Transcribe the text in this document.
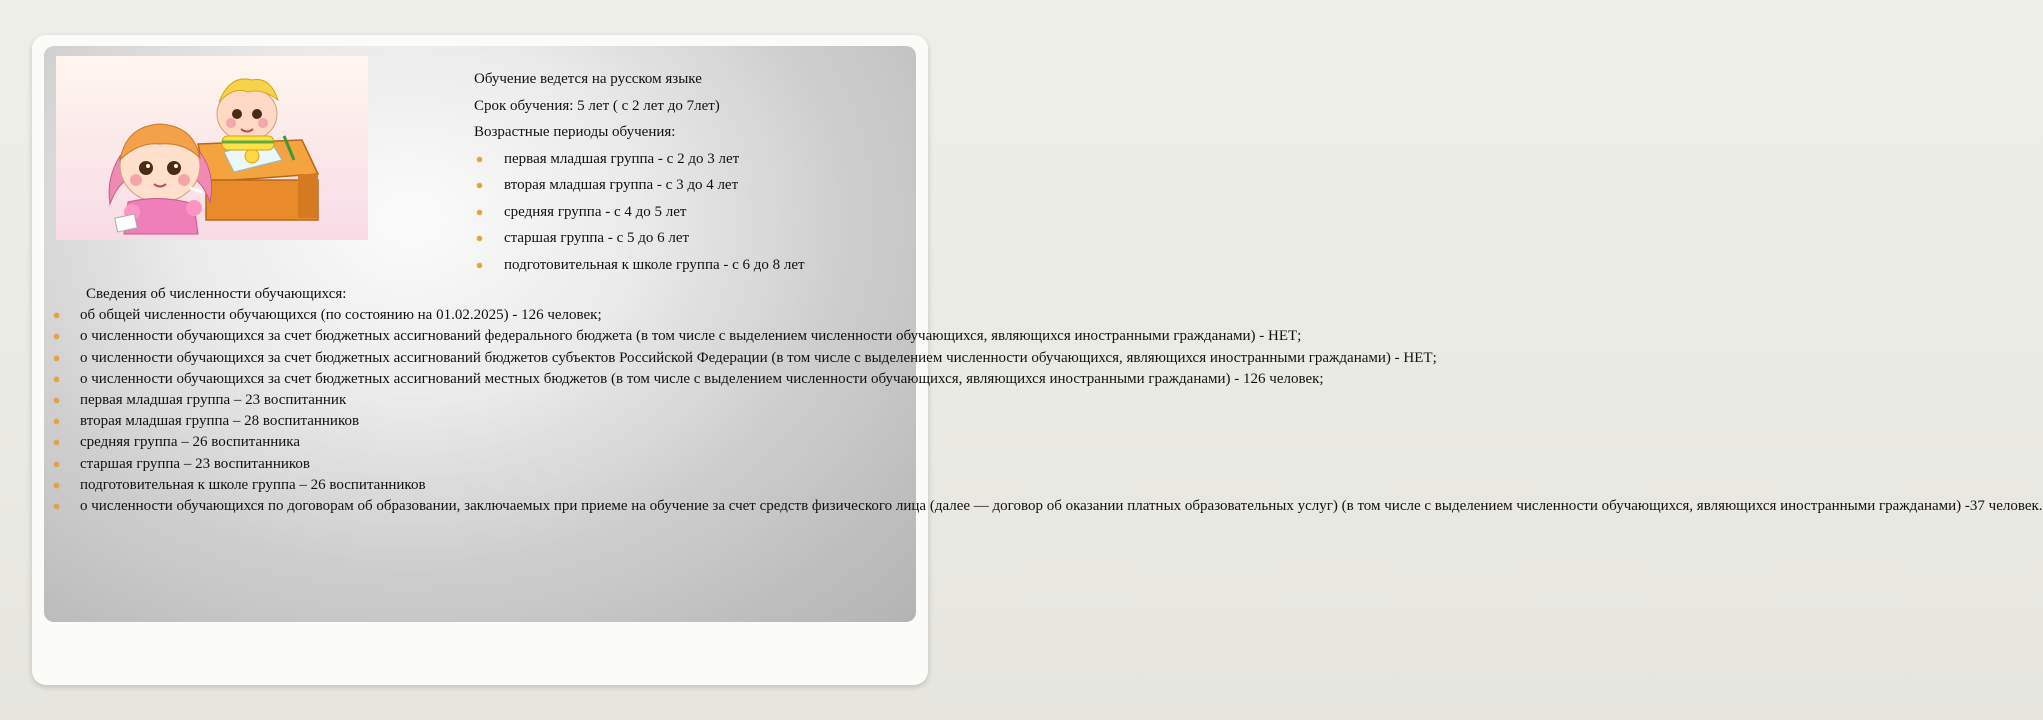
Обучение ведется на русском языке

Срок обучения: 5 лет ( с 2 лет до 7лет)

Возрастные периоды обучения:

первая младшая группа - с 2 до 3 лет
вторая младшая группа - с 3 до 4 лет
средняя группа - с 4 до 5 лет
старшая группа - с 5 до 6 лет
подготовительная к школе группа - с 6 до 8 лет

Сведения об численности обучающихся:

об общей численности обучающихся (по состоянию на 01.02.2025) - 126 человек;
о численности обучающихся за счет бюджетных ассигнований федерального бюджета (в том числе с выделением численности обучающихся, являющихся иностранными гражданами) - НЕТ;
о численности обучающихся за счет бюджетных ассигнований бюджетов субъектов Российской Федерации (в том числе с выделением численности обучающихся, являющихся иностранными гражданами) - НЕТ;
о численности обучающихся за счет бюджетных ассигнований местных бюджетов (в том числе с выделением численности обучающихся, являющихся иностранными гражданами) - 126 человек;
первая младшая группа – 23 воспитанник
вторая младшая группа – 28 воспитанников
средняя группа – 26 воспитанника
старшая группа – 23 воспитанников
подготовительная к школе группа – 26 воспитанников
о численности обучающихся по договорам об образовании, заключаемых при приеме на обучение за счет средств физического лица (далее — договор об оказании платных образовательных услуг) (в том числе с выделением численности обучающихся, являющихся иностранными гражданами) -37 человек.
